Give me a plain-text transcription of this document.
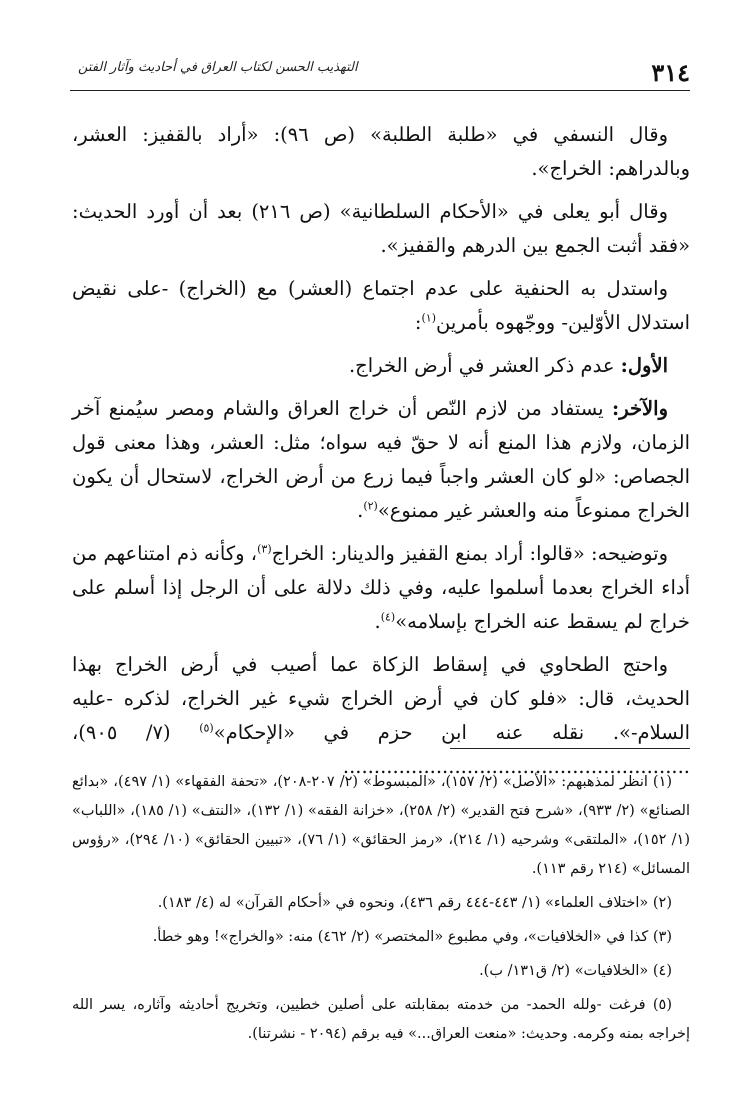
٣١٤
التهذيب الحسن لكتاب العراق في أحاديث وآثار الفتن

وقال النسفي في «طلبة الطلبة» (ص ٩٦): «أراد بالقفيز: العشر، وبالدراهم: الخراج».

وقال أبو يعلى في «الأحكام السلطانية» (ص ٢١٦) بعد أن أورد الحديث: «فقد أثبت الجمع بين الدرهم والقفيز».

واستدل به الحنفية على عدم اجتماع (العشر) مع (الخراج) -على نقيض استدلال الأوّلين- ووجّهوه بأمرين$^{(١)}$:

الأول: عدم ذكر العشر في أرض الخراج.

والآخر: يستفاد من لازم النّص أن خراج العراق والشام ومصر سيُمنع آخر الزمان، ولازم هذا المنع أنه لا حقّ فيه سواه؛ مثل: العشر، وهذا معنى قول الجصاص: «لو كان العشر واجباً فيما زرع من أرض الخراج، لاستحال أن يكون الخراج ممنوعاً منه والعشر غير ممنوع»$^{(٢)}$.

وتوضيحه: «قالوا: أراد بمنع القفيز والدينار: الخراج$^{(٣)}$، وكأنه ذم امتناعهم من أداء الخراج بعدما أسلموا عليه، وفي ذلك دلالة على أن الرجل إذا أسلم على خراج لم يسقط عنه الخراج بإسلامه»$^{(٤)}$.

واحتج الطحاوي في إسقاط الزكاة عما أصيب في أرض الخراج بهذا الحديث، قال: «فلو كان في أرض الخراج شيء غير الخراج، لذكره -عليه السلام-». نقله عنه ابن حزم في «الإحكام»$^{(٥)}$ (٧/ ٩٠٥)، ........................................................

(١) انظر لمذهبهم: «الأصل» (٢/ ١٥٧)، «المبسوط» (٢/ ٢٠٧-٢٠٨)، «تحفة الفقهاء» (١/ ٤٩٧)، «بدائع الصنائع» (٢/ ٩٣٣)، «شرح فتح القدير» (٢/ ٢٥٨)، «خزانة الفقه» (١/ ١٣٢)، «النتف» (١/ ١٨٥)، «اللباب» (١/ ١٥٢)، «الملتقى» وشرحيه (١/ ٢١٤)، «رمز الحقائق» (١/ ٧٦)، «تبيين الحقائق» (١٠/ ٢٩٤)، «رؤوس المسائل» (٢١٤ رقم ١١٣).

(٢) «اختلاف العلماء» (١/ ٤٤٣-٤٤٤ رقم ٤٣٦)، ونحوه في «أحكام القرآن» له (٤/ ١٨٣).

(٣) كذا في «الخلافيات»، وفي مطبوع «المختصر» (٢/ ٤٦٢) منه: «والخراج»! وهو خطأ.

(٤) «الخلافيات» (٢/ ق١٣١/ ب).

(٥) فرغت -ولله الحمد- من خدمته بمقابلته على أصلين خطيين، وتخريج أحاديثه وآثاره، يسر الله إخراجه بمنه وكرمه. وحديث: «منعت العراق...» فيه برقم (٢٠٩٤ - نشرتنا).
